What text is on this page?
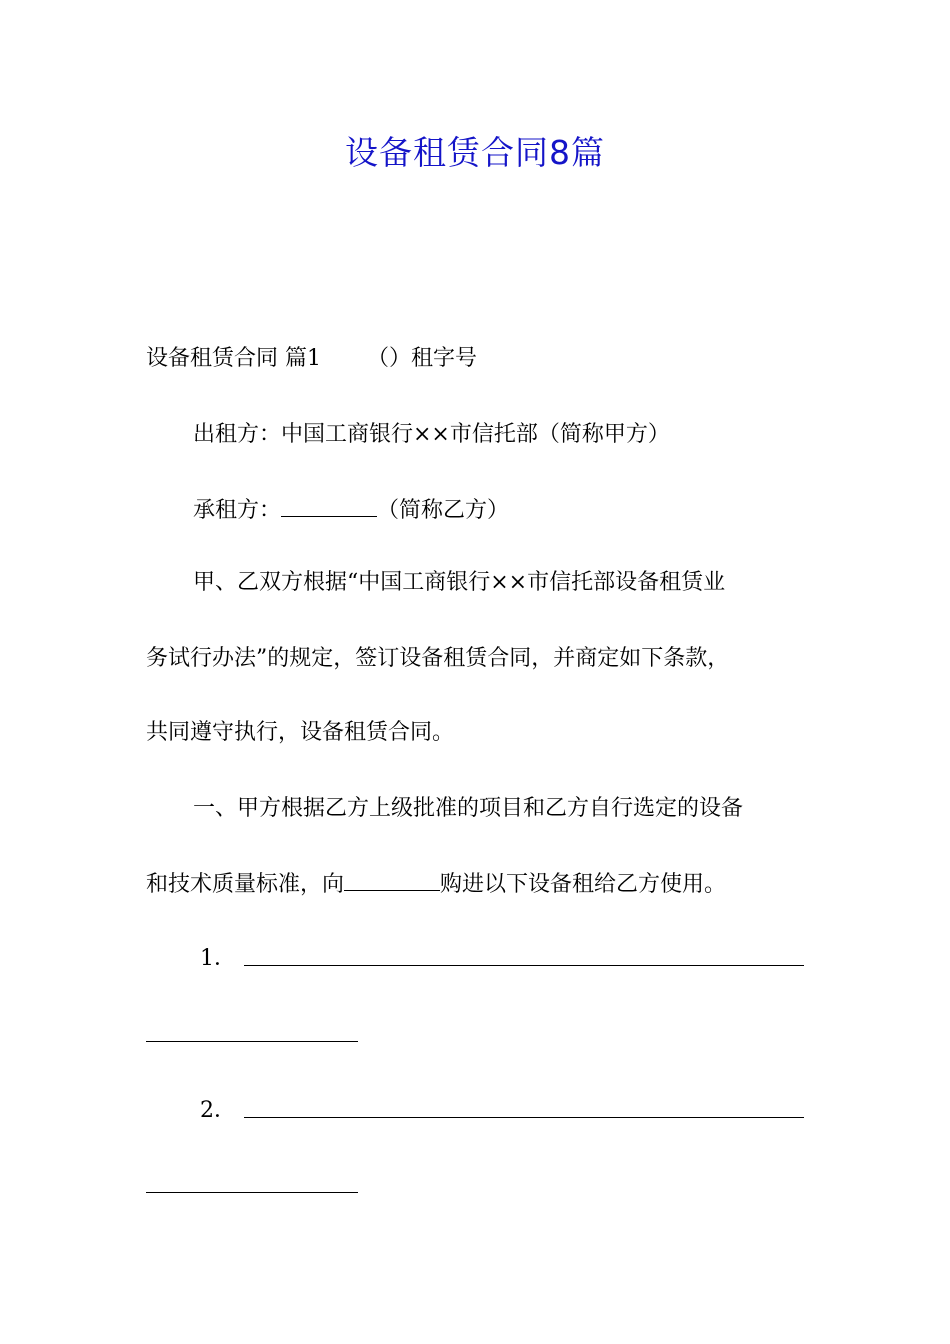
设备租赁合同8篇
设备租赁合同 篇1 （）租字号
出租方：中国工商银行××市信托部（简称甲方）
承租方：	（简称乙方）
甲、乙双方根据“中国工商银行××市信托部设备租赁业
务试行办法”的规定，签订设备租赁合同，并商定如下条款，
共同遵守执行，设备租赁合同。
一、甲方根据乙方上级批准的项目和乙方自行选定的设备
和技术质量标准，向	购进以下设备租给乙方使用。
1．
2．
